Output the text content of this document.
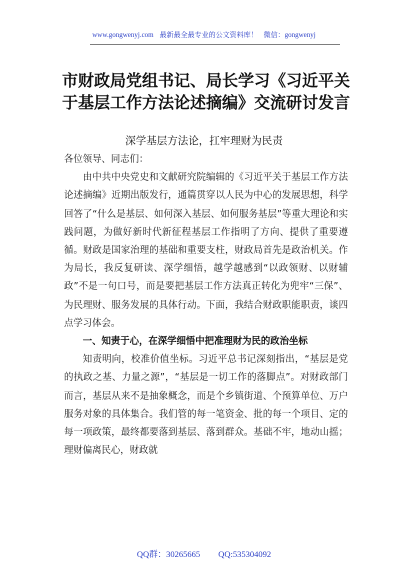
www.gongwenyj.com 最新最全最专业的公文资料库！ 微信：gongwenyj
市财政局党组书记、局长学习《习近平关于基层工作方法论述摘编》交流研讨发言
深学基层方法论，扛牢理财为民责

各位领导、同志们：

由中共中央党史和文献研究院编辑的《习近平关于基层工作方法论述摘编》近期出版发行，通篇贯穿以人民为中心的发展思想，科学回答了“什么是基层、如何深入基层、如何服务基层”等重大理论和实践问题，为做好新时代新征程基层工作指明了方向、提供了重要遵循。财政是国家治理的基础和重要支柱，财政局首先是政治机关。作为局长，我反复研读、深学细悟，越学越感到“以政领财、以财辅政”不是一句口号，而是要把基层工作方法真正转化为兜牢“三保”、为民理财、服务发展的具体行动。下面，我结合财政职能职责，谈四点学习体会。

一、知责于心，在深学细悟中把准理财为民的政治坐标

知责明向，校准价值坐标。习近平总书记深刻指出，“基层是党的执政之基、力量之源”，“基层是一切工作的落脚点”。对财政部门而言，基层从来不是抽象概念，而是个乡镇街道、个预算单位、万户服务对象的具体集合。我们管的每一笔资金、批的每一个项目、定的每一项政策，最终都要落到基层、落到群众。基础不牢，地动山摇；理财偏离民心，财政就

QQ群：30265665 QQ:535304092
